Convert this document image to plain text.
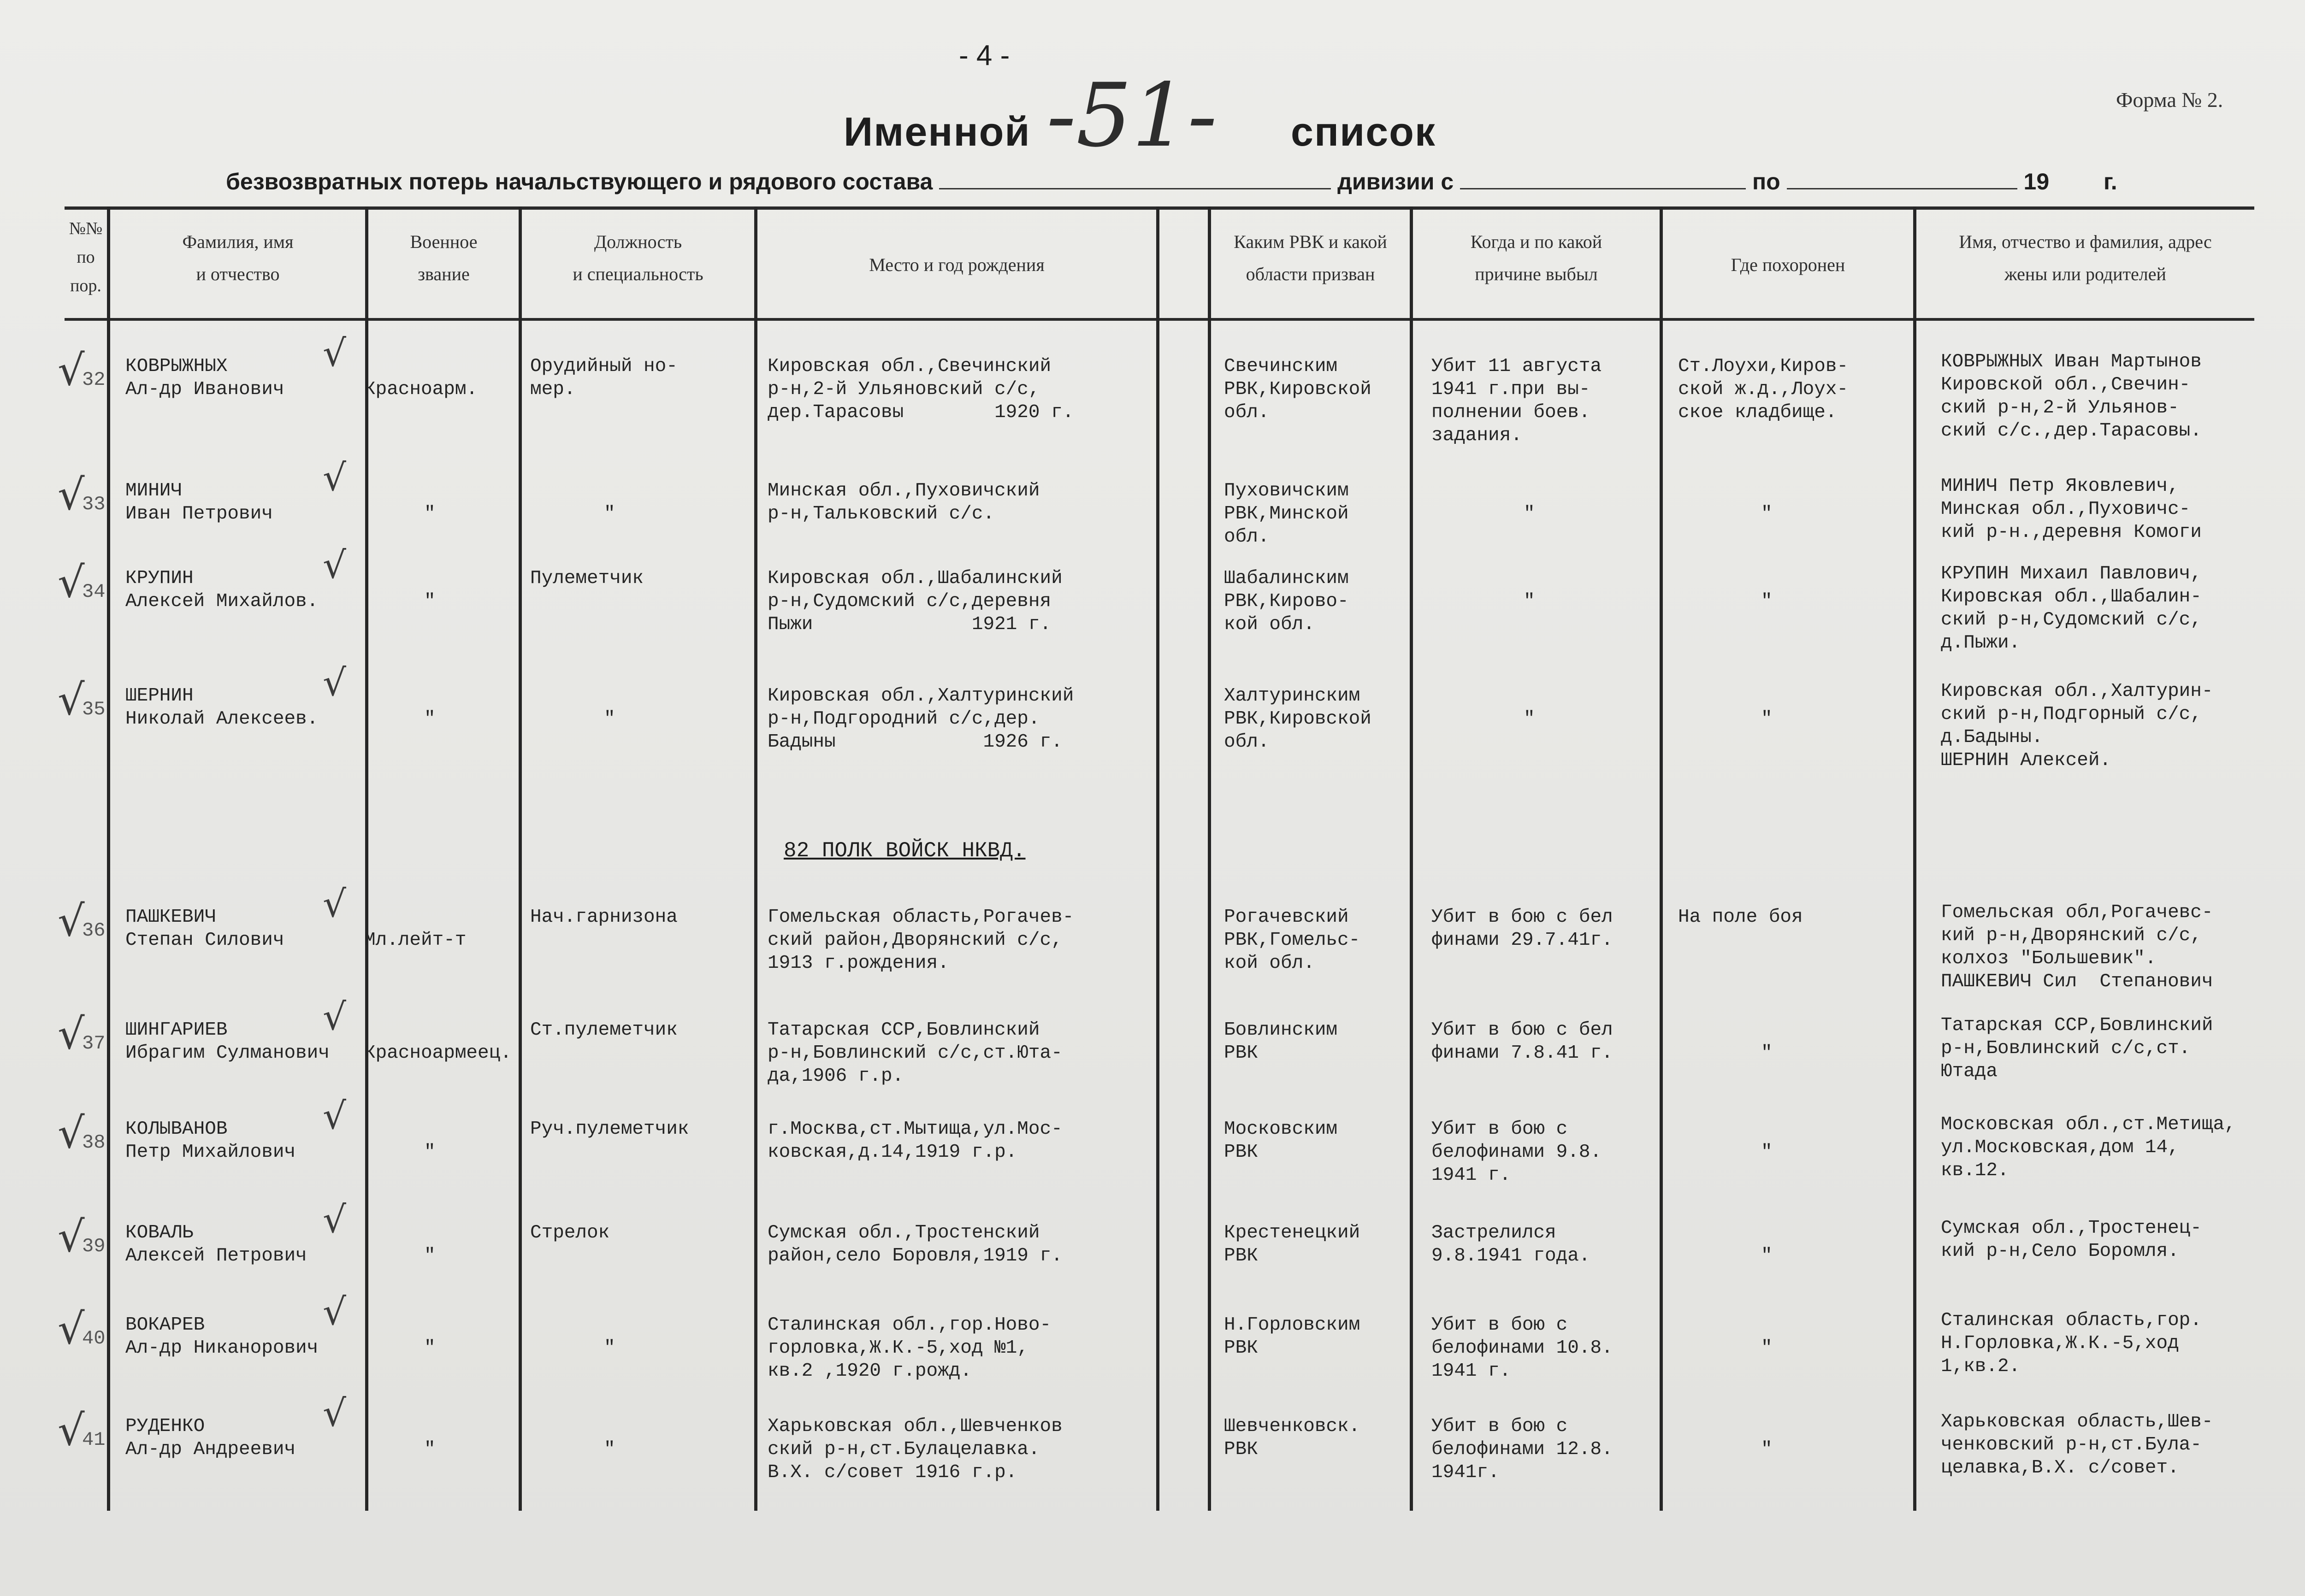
- 4 -
Форма № 2.
Именной -51- список
безвозвратных потерь начальствующего и рядового состава	дивизии с	по	19 г.
№№
по
пор.
Фамилия, имя
и отчество
Военное
звание
Должность
и специальность	Место и год рождения
Каким РВК и какой
области призван
Когда и по какой
причине выбыл	Где похоронен
Имя, отчество и фамилия, адрес
жены или родителей
82 ПОЛК ВОЙСК НКВД.
√
32
КОВРЫЖНЫХ
Ал-др Иванович	Красноарм.
Орудийный но-
мер.
Кировская обл.,Свечинский
р-н,2-й Ульяновский с/с,
дер.Тарасовы        1920 г.
Свечинским
РВК,Кировской
обл.
Убит 11 августа
1941 г.при вы-
полнении боев.
задания.
Ст.Лоухи,Киров-
ской ж.д.,Лоух-
ское кладбище.
КОВРЫЖНЫХ Иван Мартынов
Кировской обл.,Свечин-
ский р-н,2-й Ульянов-
ский с/с.,дер.Тарасовы.
√
√
33
МИНИЧ
Иван Петрович	"	"
Минская обл.,Пуховичский
р-н,Тальковский с/с.
Пуховичским
РВК,Минской
обл.
"	"
МИНИЧ Петр Яковлевич,
Минская обл.,Пуховичс-
кий р-н.,деревня Комоги
√
√
34
КРУПИН
Алексей Михайлов.	"
Пулеметчик	Кировская обл.,Шабалинский
р-н,Судомский с/с,деревня
Пыжи              1921 г.
Шабалинским
РВК,Кирово-
кой обл.
"	"
КРУПИН Михаил Павлович,
Кировская обл.,Шабалин-
ский р-н,Судомский с/с,
д.Пыжи.
√
√
35
ШЕРНИН
Николай Алексеев.	"	"
Кировская обл.,Халтуринский
р-н,Подгородний с/с,дер.
Бадыны             1926 г.
Халтуринским
РВК,Кировской
обл.
"	"
Кировская обл.,Халтурин-
ский р-н,Подгорный с/с,
д.Бадыны.
ШЕРНИН Алексей.
√
√
36
ПАШКЕВИЧ
Степан Силович	Мл.лейт-т
Нач.гарнизона	Гомельская область,Рогачев-
ский район,Дворянский с/с,
1913 г.рождения.
Рогачевский
РВК,Гомельс-
кой обл.
Убит в бою с бел
финами 29.7.41г.
На поле боя	Гомельская обл,Рогачевс-
кий р-н,Дворянский с/с,
колхоз "Большевик".
ПАШКЕВИЧ Сил  Степанович
√
√
37
ШИНГАРИЕВ
Ибрагим Сулманович Красноармеец.
Ст.пулеметчик	Татарская ССР,Бовлинский
р-н,Бовлинский с/с,ст.Юта-
да,1906 г.р.
Бовлинским
РВК
Убит в бою с бел
финами 7.8.41 г.	"
Татарская ССР,Бовлинский
р-н,Бовлинский с/с,ст.
Ютада
√
√
38
КОЛЫВАНОВ
Петр Михайлович	"
Руч.пулеметчик	г.Москва,ст.Мытища,ул.Мос-
ковская,д.14,1919 г.р.
Московским
РВК
Убит в бою с
белофинами 9.8.
1941 г.
"
Московская обл.,ст.Метища,
ул.Московская,дом 14,
кв.12.
√
√
39
КОВАЛЬ
Алексей Петрович	"
Стрелок	Сумская обл.,Тростенский
район,село Боровля,1919 г.
Крестенецкий
РВК
Застрелился
9.8.1941 года.	"
Сумская обл.,Тростенец-
кий р-н,Село Боромля.
√
√
40
ВОКАРЕВ
Ал-др Никанорович	"	"
Сталинская обл.,гор.Ново-
горловка,Ж.К.-5,ход №1,
кв.2 ,1920 г.рожд.
Н.Горловским
РВК
Убит в бою с
белофинами 10.8.
1941 г.
"
Сталинская область,гор.
Н.Горловка,Ж.К.-5,ход
1,кв.2.
√
√
41
РУДЕНКО
Ал-др Андреевич	"	"
Харьковская обл.,Шевченков
ский р-н,ст.Булацелавка.
В.Х. с/совет 1916 г.р.
Шевченковск.
РВК
Убит в бою с
белофинами 12.8.
1941г.
"
Харьковская область,Шев-
ченковский р-н,ст.Була-
целавка,В.Х. с/совет.
√
